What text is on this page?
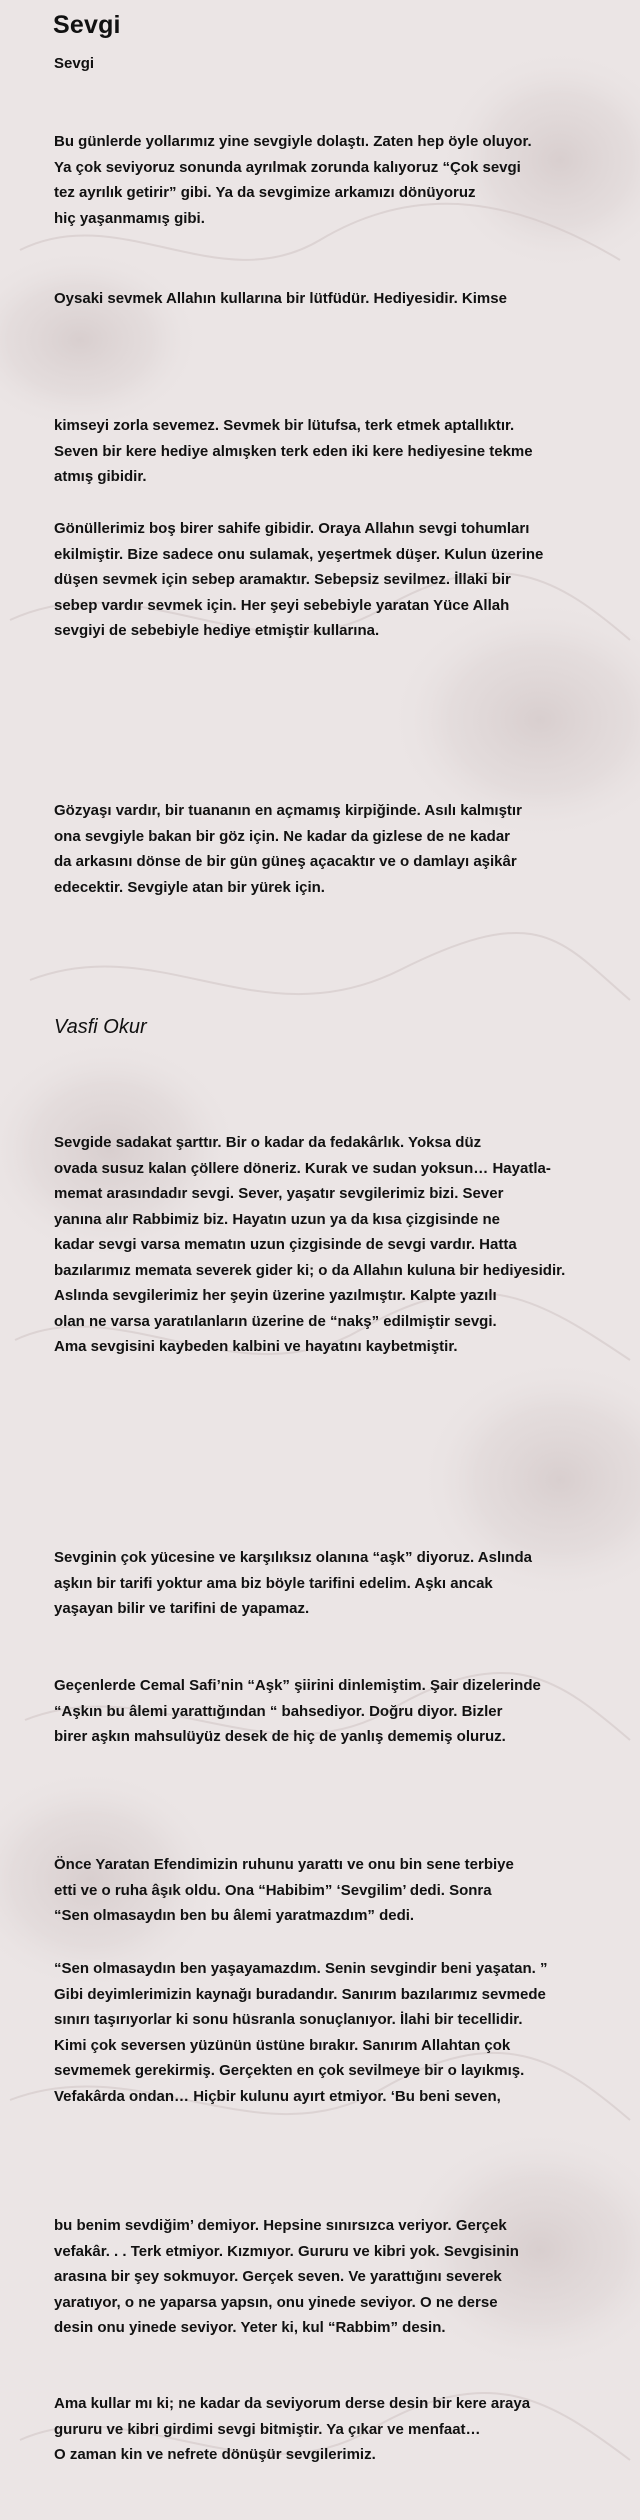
Sevgi
Sevgi

Bu günlerde yollarımız yine sevgiyle dolaştı. Zaten hep öyle oluyor.
Ya çok seviyoruz sonunda ayrılmak zorunda kalıyoruz “Çok sevgi
tez ayrılık getirir” gibi. Ya da sevgimize arkamızı dönüyoruz
hiç yaşanmamış gibi.

Oysaki sevmek Allahın kullarına bir lütfüdür. Hediyesidir. Kimse

kimseyi zorla sevemez. Sevmek bir lütufsa, terk etmek aptallıktır.
Seven bir kere hediye almışken terk eden iki kere hediyesine tekme
atmış gibidir.

Gönüllerimiz boş birer sahife gibidir. Oraya Allahın sevgi tohumları
ekilmiştir. Bize sadece onu sulamak, yeşertmek düşer. Kulun üzerine
düşen sevmek için sebep aramaktır. Sebepsiz sevilmez. İllaki bir
sebep vardır sevmek için. Her şeyi sebebiyle yaratan Yüce Allah
sevgiyi de sebebiyle hediye etmiştir kullarına.

Gözyaşı vardır, bir tuananın en açmamış kirpiğinde. Asılı kalmıştır
ona sevgiyle bakan bir göz için. Ne kadar da gizlese de ne kadar
da arkasını dönse de bir gün güneş açacaktır ve o damlayı aşikâr
edecektir. Sevgiyle atan bir yürek için.

Vasfi Okur

Sevgide sadakat şarttır. Bir o kadar da fedakârlık. Yoksa düz
ovada susuz kalan çöllere döneriz. Kurak ve sudan yoksun… Hayatla-
memat arasındadır sevgi. Sever, yaşatır sevgilerimiz bizi. Sever
yanına alır Rabbimiz biz. Hayatın uzun ya da kısa çizgisinde ne
kadar sevgi varsa mematın uzun çizgisinde de sevgi vardır. Hatta
bazılarımız memata severek gider ki; o da Allahın kuluna bir hediyesidir.
Aslında sevgilerimiz her şeyin üzerine yazılmıştır. Kalpte yazılı
olan ne varsa yaratılanların üzerine de “nakş” edilmiştir sevgi.
Ama sevgisini kaybeden kalbini ve hayatını kaybetmiştir.

Sevginin çok yücesine ve karşılıksız olanına “aşk” diyoruz. Aslında
aşkın bir tarifi yoktur ama biz böyle tarifini edelim. Aşkı ancak
yaşayan bilir ve tarifini de yapamaz.

Geçenlerde Cemal Safi’nin “Aşk” şiirini dinlemiştim. Şair dizelerinde
“Aşkın bu âlemi yarattığından “ bahsediyor. Doğru diyor. Bizler
birer aşkın mahsulüyüz desek de hiç de yanlış dememiş oluruz.

Önce Yaratan Efendimizin ruhunu yarattı ve onu bin sene terbiye
etti ve o ruha âşık oldu. Ona “Habibim” ‘Sevgilim’ dedi. Sonra
“Sen olmasaydın ben bu âlemi yaratmazdım” dedi.

“Sen olmasaydın ben yaşayamazdım. Senin sevgindir beni yaşatan. ”
Gibi deyimlerimizin kaynağı buradandır. Sanırım bazılarımız sevmede
sınırı taşırıyorlar ki sonu hüsranla sonuçlanıyor. İlahi bir tecellidir.
Kimi çok seversen yüzünün üstüne bırakır. Sanırım Allahtan çok
sevmemek gerekirmiş. Gerçekten en çok sevilmeye bir o layıkmış.
Vefakârda ondan… Hiçbir kulunu ayırt etmiyor. ‘Bu beni seven,

bu benim sevdiğim’ demiyor. Hepsine sınırsızca veriyor. Gerçek
vefakâr. . . Terk etmiyor. Kızmıyor. Gururu ve kibri yok. Sevgisinin
arasına bir şey sokmuyor. Gerçek seven. Ve yarattığını severek
yaratıyor, o ne yaparsa yapsın, onu yinede seviyor. O ne derse
desin onu yinede seviyor. Yeter ki, kul “Rabbim” desin.

Ama kullar mı ki; ne kadar da seviyorum derse desin bir kere araya
gururu ve kibri girdimi sevgi bitmiştir. Ya çıkar ve menfaat…
O zaman kin ve nefrete dönüşür sevgilerimiz.
